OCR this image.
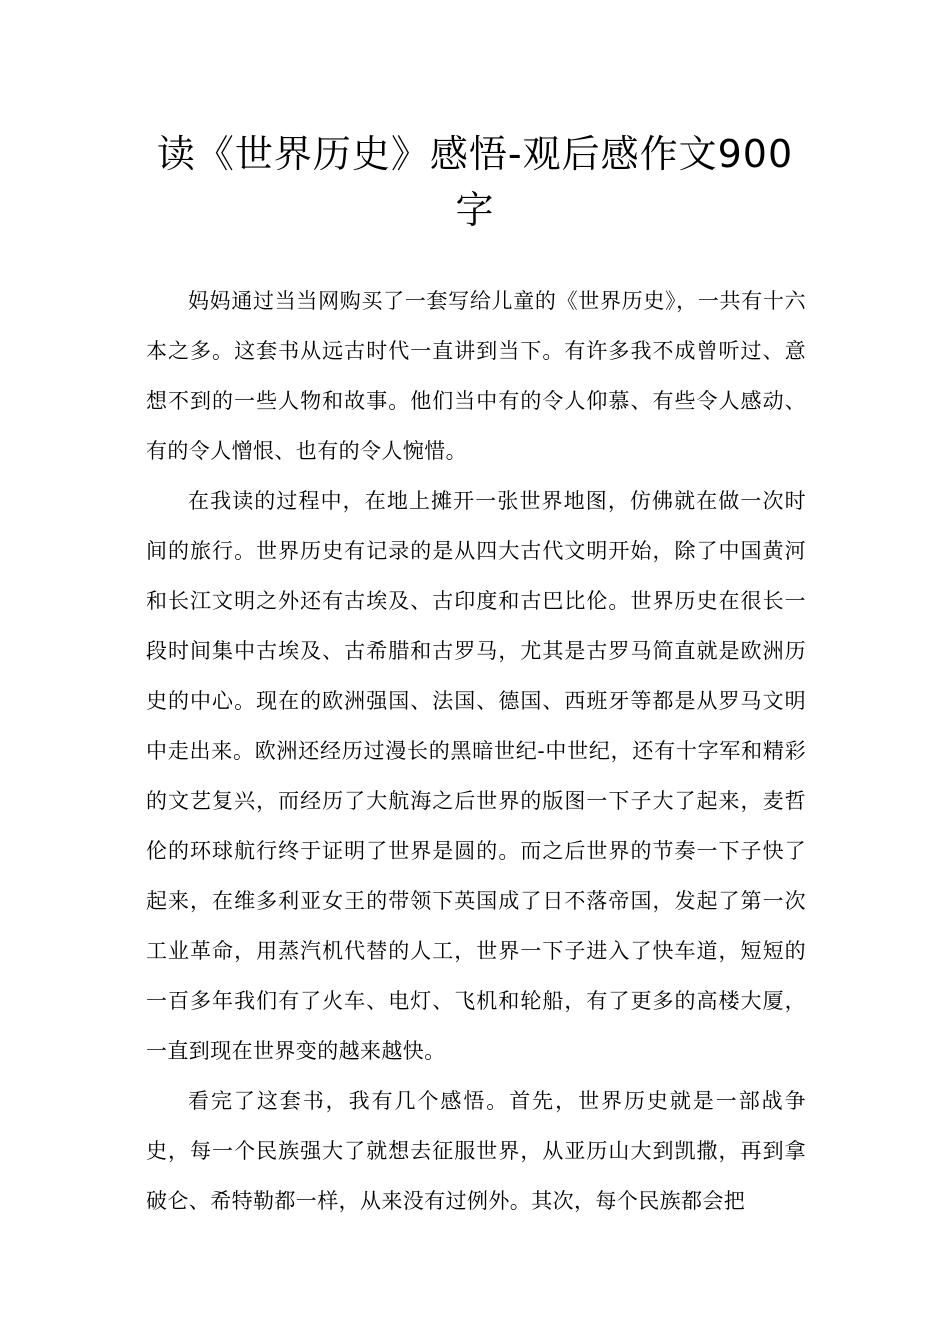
读《世界历史》感悟-观后感作文900
字

妈妈通过当当网购买了一套写给儿童的《世界历史》，一共有十六本之多。这套书从远古时代一直讲到当下。有许多我不成曾听过、意想不到的一些人物和故事。他们当中有的令人仰慕、有些令人感动、有的令人憎恨、也有的令人惋惜。

在我读的过程中，在地上摊开一张世界地图，仿佛就在做一次时间的旅行。世界历史有记录的是从四大古代文明开始，除了中国黄河和长江文明之外还有古埃及、古印度和古巴比伦。世界历史在很长一段时间集中古埃及、古希腊和古罗马，尤其是古罗马简直就是欧洲历史的中心。现在的欧洲强国、法国、德国、西班牙等都是从罗马文明中走出来。欧洲还经历过漫长的黑暗世纪-中世纪，还有十字军和精彩的文艺复兴，而经历了大航海之后世界的版图一下子大了起来，麦哲伦的环球航行终于证明了世界是圆的。而之后世界的节奏一下子快了起来，在维多利亚女王的带领下英国成了日不落帝国，发起了第一次工业革命，用蒸汽机代替的人工，世界一下子进入了快车道，短短的一百多年我们有了火车、电灯、飞机和轮船，有了更多的高楼大厦，一直到现在世界变的越来越快。

看完了这套书，我有几个感悟。首先，世界历史就是一部战争史，每一个民族强大了就想去征服世界，从亚历山大到凯撒，再到拿破仑、希特勒都一样，从来没有过例外。其次，每个民族都会把
